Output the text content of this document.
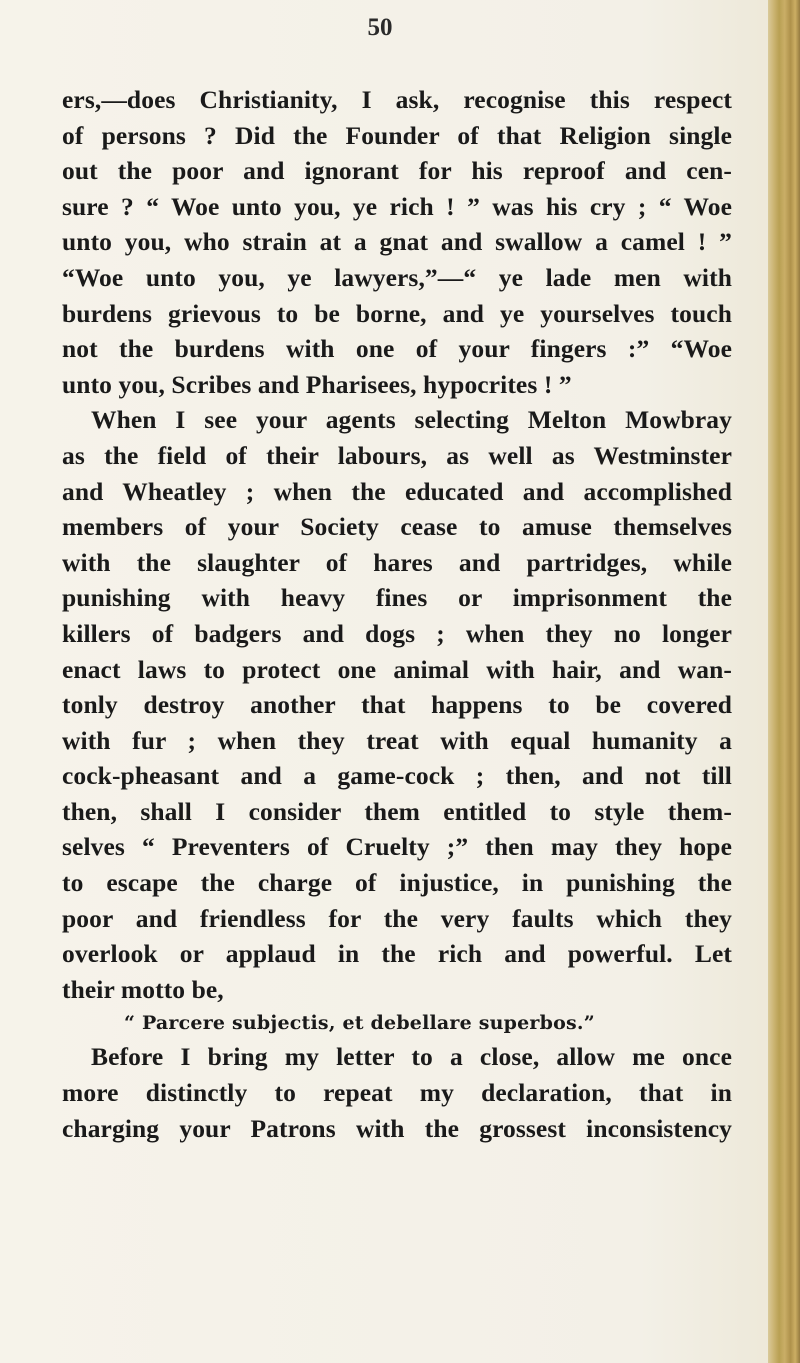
50
ers,—does Christianity, I ask, recognise this respect
of persons ? Did the Founder of that Religion single
out the poor and ignorant for his reproof and cen-
sure ? “ Woe unto you, ye rich ! ” was his cry ; “ Woe
unto you, who strain at a gnat and swallow a camel ! ”
“Woe unto you, ye lawyers,”—“ ye lade men with
burdens grievous to be borne, and ye yourselves touch
not the burdens with one of your fingers :” “Woe
unto you, Scribes and Pharisees, hypocrites ! ”
When I see your agents selecting Melton Mowbray
as the field of their labours, as well as Westminster
and Wheatley ; when the educated and accomplished
members of your Society cease to amuse themselves
with the slaughter of hares and partridges, while
punishing with heavy fines or imprisonment the
killers of badgers and dogs ; when they no longer
enact laws to protect one animal with hair, and wan-
tonly destroy another that happens to be covered
with fur ; when they treat with equal humanity a
cock-pheasant and a game-cock ; then, and not till
then, shall I consider them entitled to style them-
selves “ Preventers of Cruelty ;” then may they hope
to escape the charge of injustice, in punishing the
poor and friendless for the very faults which they
overlook or applaud in the rich and powerful. Let
their motto be,
“ Parcere subjectis, et debellare superbos.”
Before I bring my letter to a close, allow me once
more distinctly to repeat my declaration, that in
charging your Patrons with the grossest inconsistency
